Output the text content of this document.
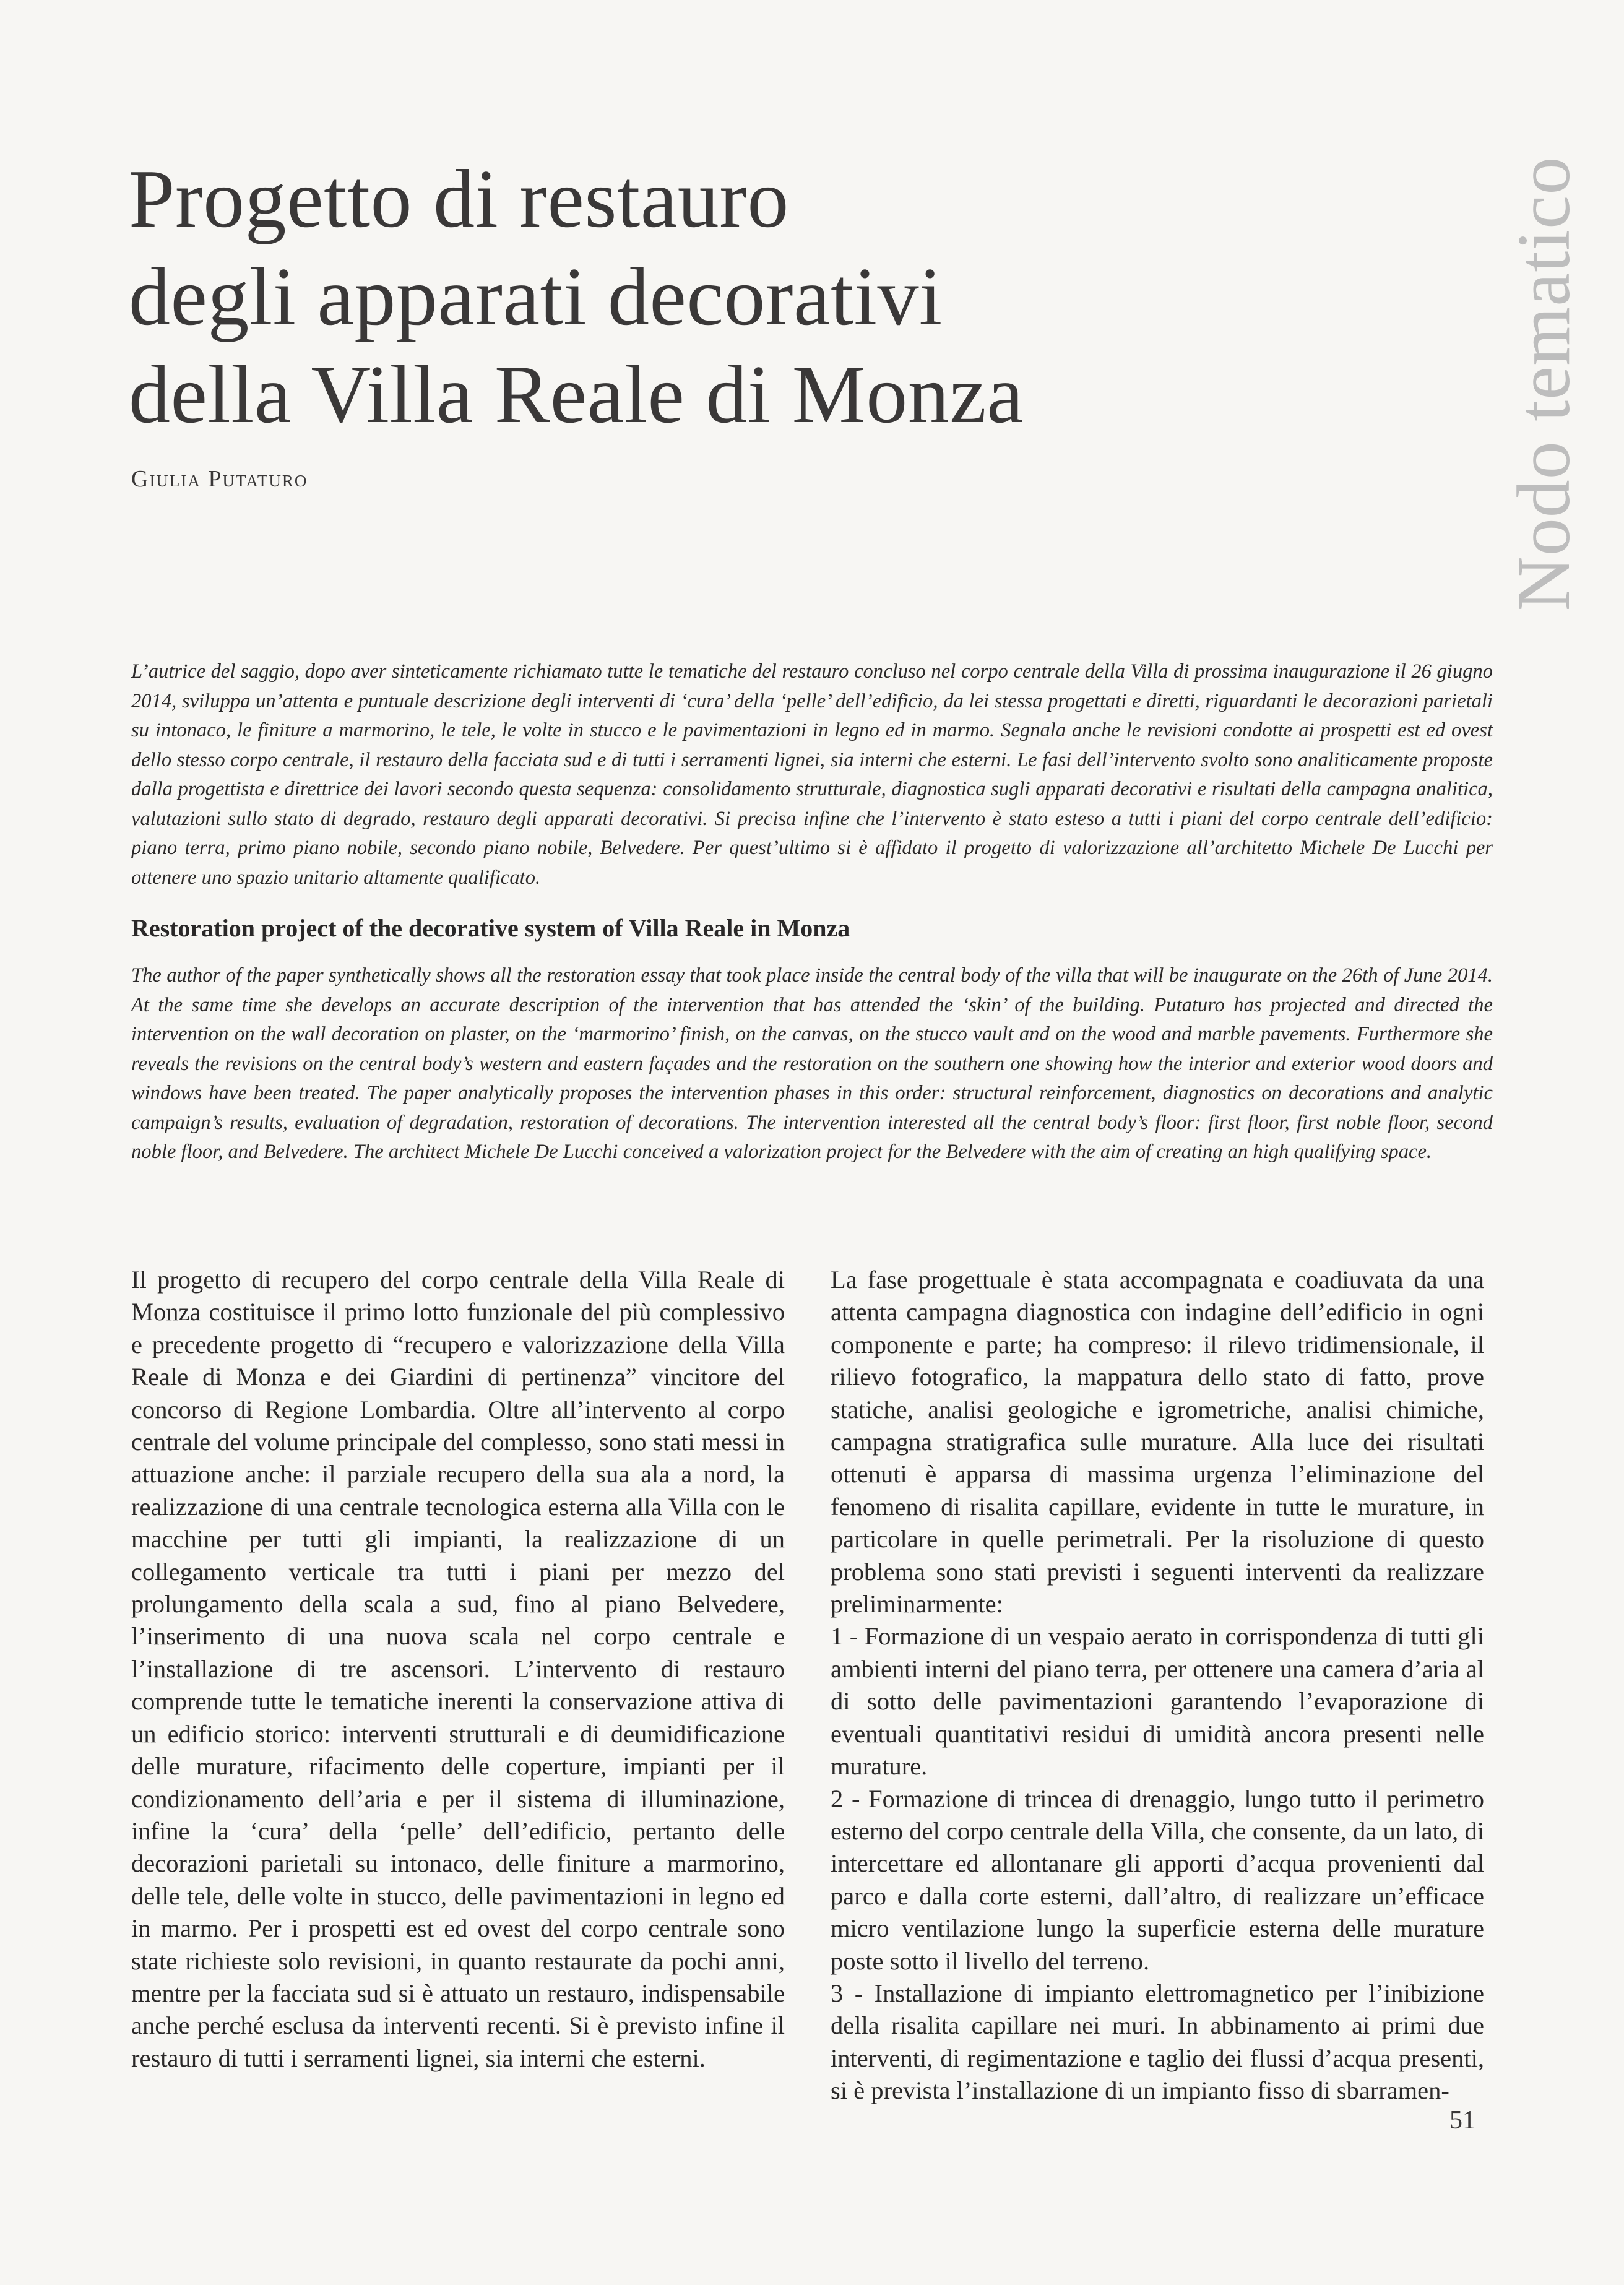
Progetto di restauro
degli apparati decorativi
della Villa Reale di Monza
Giulia Putaturo	Nodo tematico

L’autrice del saggio, dopo aver sinteticamente richiamato tutte le tematiche del restauro concluso nel corpo centrale della Villa di prossima inaugurazione il 26 giugno 2014, sviluppa un’attenta e puntuale descrizione degli interventi di ‘cura’ della ‘pelle’ dell’edificio, da lei stessa progettati e diretti, riguardanti le decorazioni parietali su intonaco, le finiture a marmorino, le tele, le volte in stucco e le pavimentazioni in legno ed in marmo. Segnala anche le revisioni condotte ai prospetti est ed ovest dello stesso corpo centrale, il restauro della facciata sud e di tutti i serramenti lignei, sia interni che esterni. Le fasi dell’intervento svolto sono analiticamente proposte dalla progettista e direttrice dei lavori secondo questa sequenza: consolidamento strutturale, diagnostica sugli apparati decorativi e risultati della campagna analitica, valutazioni sullo stato di degrado, restauro degli apparati decorativi. Si precisa infine che l’intervento è stato esteso a tutti i piani del corpo centrale dell’edificio: piano terra, primo piano nobile, secondo piano nobile, Belvedere. Per quest’ultimo si è affidato il progetto di valorizzazione all’architetto Michele De Lucchi per ottenere uno spazio unitario altamente qualificato.

Restoration project of the decorative system of Villa Reale in Monza

The author of the paper synthetically shows all the restoration essay that took place inside the central body of the villa that will be inaugurate on the 26th of June 2014. At the same time she develops an accurate description of the intervention that has attended the ‘skin’ of the building. Putaturo has projected and directed the intervention on the wall decoration on plaster, on the ‘marmorino’ finish, on the canvas, on the stucco vault and on the wood and marble pavements. Furthermore she reveals the revisions on the central body’s western and eastern façades and the restoration on the southern one showing how the interior and exterior wood doors and windows have been treated. The paper analytically proposes the intervention phases in this order: structural reinforcement, diagnostics on decorations and analytic campaign’s results, evaluation of degradation, restoration of decorations. The intervention interested all the central body’s floor: first floor, first noble floor, second noble floor, and Belvedere. The architect Michele De Lucchi conceived a valorization project for the Belvedere with the aim of creating an high qualifying space.

Il progetto di recupero del corpo centrale della Villa Reale di Monza costituisce il primo lotto funzionale del più complessivo e precedente progetto di “recupero e valorizzazione della Villa Reale di Monza e dei Giardini di pertinenza” vincitore del concorso di Regione Lombardia. Oltre all’intervento al corpo centrale del volume principale del complesso, sono stati messi in attuazione anche: il parziale recupero della sua ala a nord, la realizzazione di una centrale tecnologica esterna alla Villa con le macchine per tutti gli impianti, la realizzazione di un collegamento verticale tra tutti i piani per mezzo del prolungamento della scala a sud, fino al piano Belvedere, l’inserimento di una nuova scala nel corpo centrale e l’installazione di tre ascensori. L’intervento di restauro comprende tutte le tematiche inerenti la conservazione attiva di un edificio storico: interventi strutturali e di deumidificazione delle murature, rifacimento delle coperture, impianti per il condizionamento dell’aria e per il sistema di illuminazione, infine la ‘cura’ della ‘pelle’ dell’edificio, pertanto delle decorazioni parietali su intonaco, delle finiture a marmorino, delle tele, delle volte in stucco, delle pavimentazioni in legno ed in marmo. Per i prospetti est ed ovest del corpo centrale sono state richieste solo revisioni, in quanto restaurate da pochi anni, mentre per la facciata sud si è attuato un restauro, indispensabile anche perché esclusa da interventi recenti. Si è previsto infine il restauro di tutti i serramenti lignei, sia interni che esterni.

La fase progettuale è stata accompagnata e coadiuvata da una attenta campagna diagnostica con indagine dell’edificio in ogni componente e parte; ha compreso: il rilevo tridimensionale, il rilievo fotografico, la mappatura dello stato di fatto, prove statiche, analisi geologiche e igrometriche, analisi chimiche, campagna stratigrafica sulle murature. Alla luce dei risultati ottenuti è apparsa di massima urgenza l’eliminazione del fenomeno di risalita capillare, evidente in tutte le murature, in particolare in quelle perimetrali. Per la risoluzione di questo problema sono stati previsti i seguenti interventi da realizzare preliminarmente:

1 - Formazione di un vespaio aerato in corrispondenza di tutti gli ambienti interni del piano terra, per ottenere una camera d’aria al di sotto delle pavimentazioni garantendo l’evaporazione di eventuali quantitativi residui di umidità ancora presenti nelle murature.

2 - Formazione di trincea di drenaggio, lungo tutto il perimetro esterno del corpo centrale della Villa, che consente, da un lato, di intercettare ed allontanare gli apporti d’acqua provenienti dal parco e dalla corte esterni, dall’altro, di realizzare un’efficace micro ventilazione lungo la superficie esterna delle murature poste sotto il livello del terreno.

3 - Installazione di impianto elettromagnetico per l’inibizione della risalita capillare nei muri. In abbinamento ai primi due interventi, di regimentazione e taglio dei flussi d’acqua presenti, si è prevista l’installazione di un impianto fisso di sbarramen-

51
